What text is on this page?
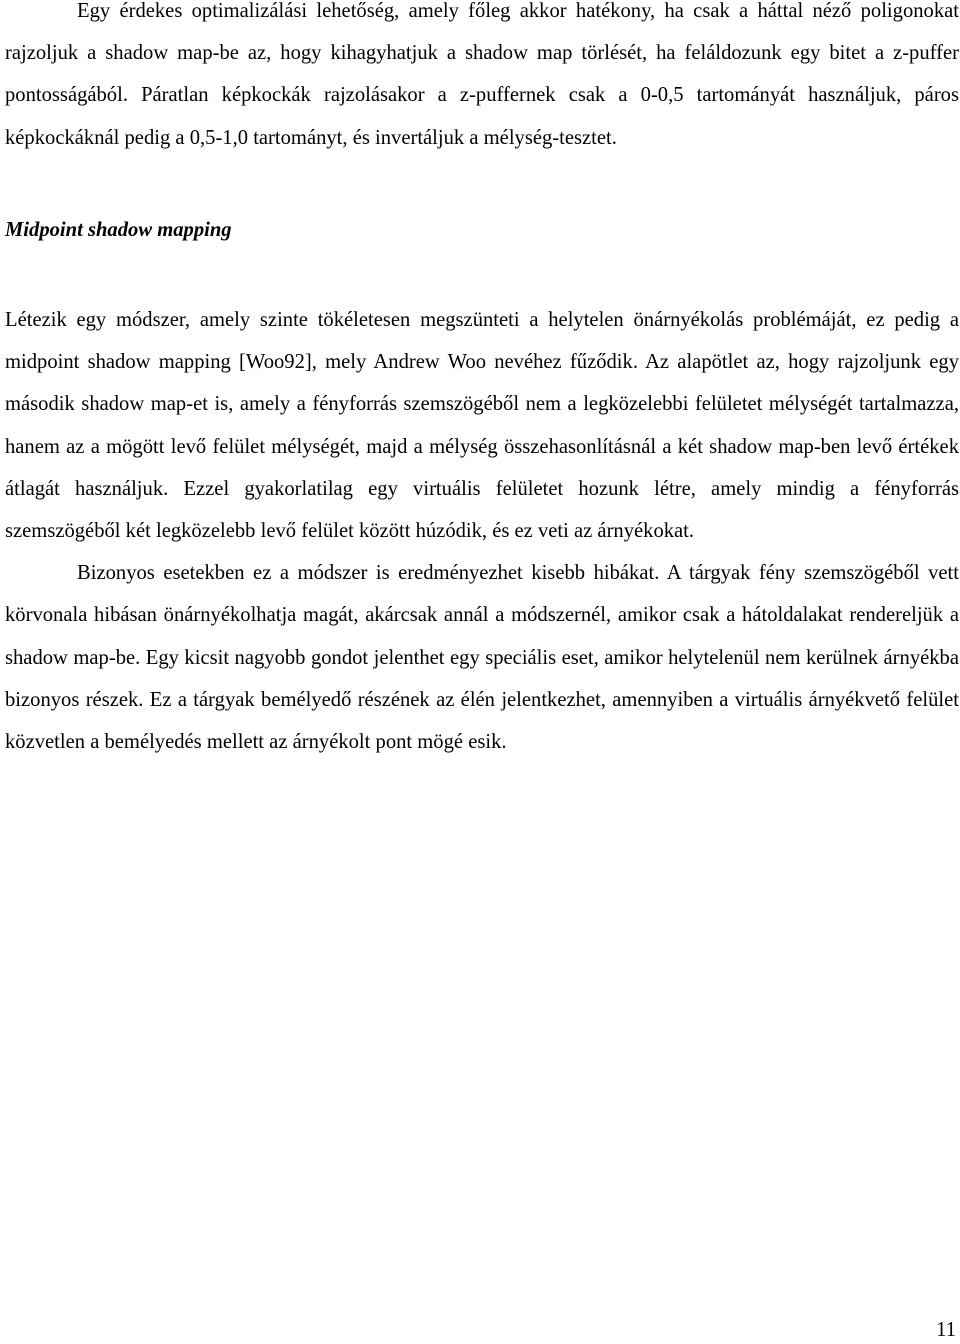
Egy érdekes optimalizálási lehetőség, amely főleg akkor hatékony, ha csak a háttal néző poligonokat rajzoljuk a shadow map-be az, hogy kihagyhatjuk a shadow map törlését, ha feláldozunk egy bitet a z-puffer pontosságából. Páratlan képkockák rajzolásakor a z-puffernek csak a 0-0,5 tartományát használjuk, páros képkockáknál pedig a 0,5-1,0 tartományt, és invertáljuk a mélység-tesztet.

Midpoint shadow mapping

Létezik egy módszer, amely szinte tökéletesen megszünteti a helytelen önárnyékolás problémáját, ez pedig a midpoint shadow mapping [Woo92], mely Andrew Woo nevéhez fűződik. Az alapötlet az, hogy rajzoljunk egy második shadow map-et is, amely a fényforrás szemszögéből nem a legközelebbi felületet mélységét tartalmazza, hanem az a mögött levő felület mélységét, majd a mélység összehasonlításnál a két shadow map-ben levő értékek átlagát használjuk. Ezzel gyakorlatilag egy virtuális felületet hozunk létre, amely mindig a fényforrás szemszögéből két legközelebb levő felület között húzódik, és ez veti az árnyékokat.

Bizonyos esetekben ez a módszer is eredményezhet kisebb hibákat. A tárgyak fény szemszögéből vett körvonala hibásan önárnyékolhatja magát, akárcsak annál a módszernél, amikor csak a hátoldalakat rendereljük a shadow map-be. Egy kicsit nagyobb gondot jelenthet egy speciális eset, amikor helytelenül nem kerülnek árnyékba bizonyos részek. Ez a tárgyak bemélyedő részének az élén jelentkezhet, amennyiben a virtuális árnyékvető felület közvetlen a bemélyedés mellett az árnyékolt pont mögé esik.

11
